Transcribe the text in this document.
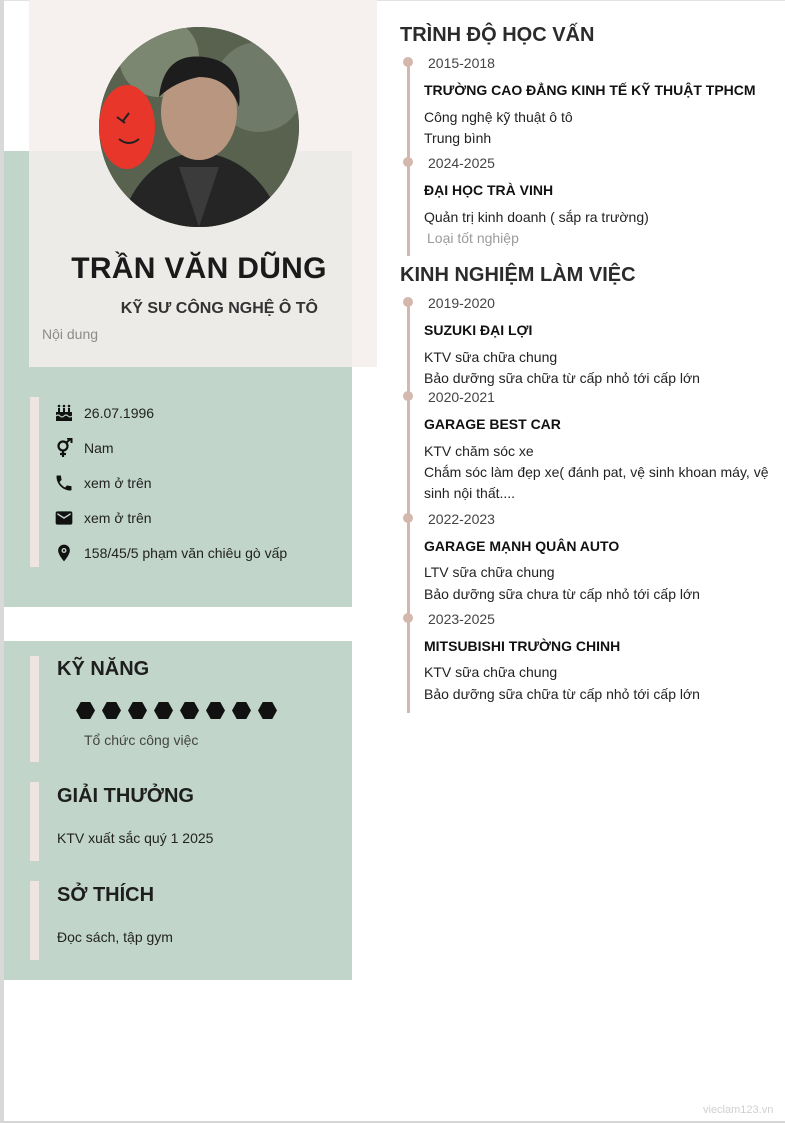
TRẦN VĂN DŨNG
KỸ SƯ CÔNG NGHỆ Ô TÔ
Nội dung
26.07.1996
Nam
xem ở trên
xem ở trên
158/45/5 phạm văn chiêu gò vấp
KỸ NĂNG
Tổ chức công việc
GIẢI THƯỞNG
KTV xuất sắc quý 1 2025
SỞ THÍCH
Đọc sách, tập gym
TRÌNH ĐỘ HỌC VẤN
2015-2018
TRƯỜNG CAO ĐẲNG KINH TẾ KỸ THUẬT TPHCM
Công nghệ kỹ thuật ô tô
Trung bình
2024-2025
ĐẠI HỌC TRÀ VINH
Quản trị kinh doanh ( sắp ra trường)
Loại tốt nghiệp
KINH NGHIỆM LÀM VIỆC
2019-2020
SUZUKI ĐẠI LỢI
KTV sữa chữa chung
Bảo dưỡng sữa chữa từ cấp nhỏ tới cấp lớn
2020-2021
GARAGE BEST CAR
KTV chăm sóc xe
Chắm sóc làm đẹp xe( đánh pat, vệ sinh khoan máy, vệ sinh nội thất....
2022-2023
GARAGE MẠNH QUÂN AUTO
LTV sữa chữa chung
Bảo dưỡng sữa chưa từ cấp nhỏ tới cấp lớn
2023-2025
MITSUBISHI TRƯỜNG CHINH
KTV sữa chữa chung
Bảo dưỡng sữa chữa từ cấp nhỏ tới cấp lớn
vieclam123.vn
